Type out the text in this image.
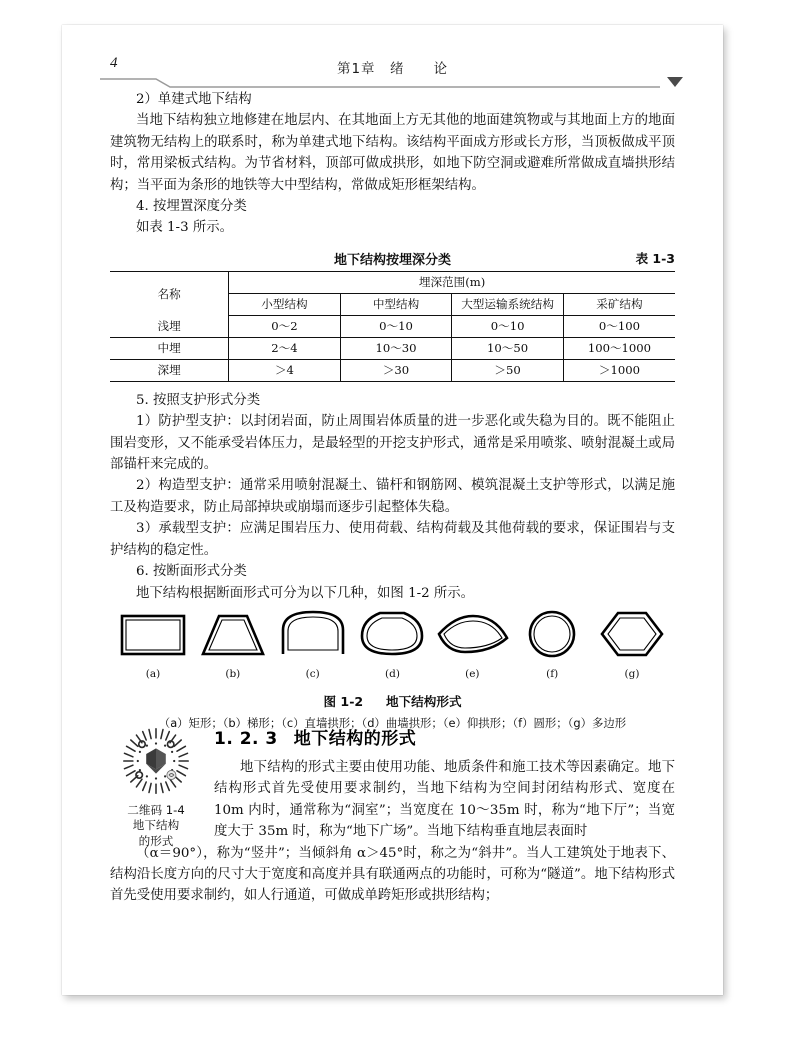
4	第1章　绪　　论

2）单建式地下结构

当地下结构独立地修建在地层内、在其地面上方无其他的地面建筑物或与其地面上方的地面建筑物无结构上的联系时，称为单建式地下结构。该结构平面成方形或长方形，当顶板做成平顶时，常用梁板式结构。为节省材料，顶部可做成拱形，如地下防空洞或避难所常做成直墙拱形结构；当平面为条形的地铁等大中型结构，常做成矩形框架结构。

4. 按埋置深度分类

如表 1-3 所示。

地下结构按埋深分类	表 1-3
名称	埋深范围(m)			
	小型结构	中型结构	大型运输系统结构	采矿结构
浅埋	0～2	0～10	0～10	0～100
中埋	2～4	10～30	10～50	100～1000
深埋	＞4	＞30	＞50	＞1000

5. 按照支护形式分类

1）防护型支护：以封闭岩面，防止周围岩体质量的进一步恶化或失稳为目的。既不能阻止围岩变形，又不能承受岩体压力，是最轻型的开挖支护形式，通常是采用喷浆、喷射混凝土或局部锚杆来完成的。

2）构造型支护：通常采用喷射混凝土、锚杆和钢筋网、模筑混凝土支护等形式，以满足施工及构造要求，防止局部掉块或崩塌而逐步引起整体失稳。

3）承载型支护：应满足围岩压力、使用荷载、结构荷载及其他荷载的要求，保证围岩与支护结构的稳定性。

6. 按断面形式分类

地下结构根据断面形式可分为以下几种，如图 1-2 所示。

(a)	(b)	(c)	(d)	(e)	(f)	(g)
图 1-2 地下结构形式
（a）矩形；（b）梯形；（c）直墙拱形；（d）曲墙拱形；（e）仰拱形；（f）圆形；（g）多边形
二维码 1-4
地下结构
的形式
1. 2. 3 地下结构的形式

地下结构的形式主要由使用功能、地质条件和施工技术等因素确定。地下结构形式首先受使用要求制约，当地下结构为空间封闭结构形式、宽度在 10m 内时，通常称为“洞室”；当宽度在 10～35m 时，称为“地下厅”；当宽度大于 35m 时，称为“地下广场”。当地下结构垂直地层表面时

（α＝90°），称为“竖井”；当倾斜角 α＞45°时，称之为“斜井”。当人工建筑处于地表下、结构沿长度方向的尺寸大于宽度和高度并具有联通两点的功能时，可称为“隧道”。地下结构形式首先受使用要求制约，如人行通道，可做成单跨矩形或拱形结构；
